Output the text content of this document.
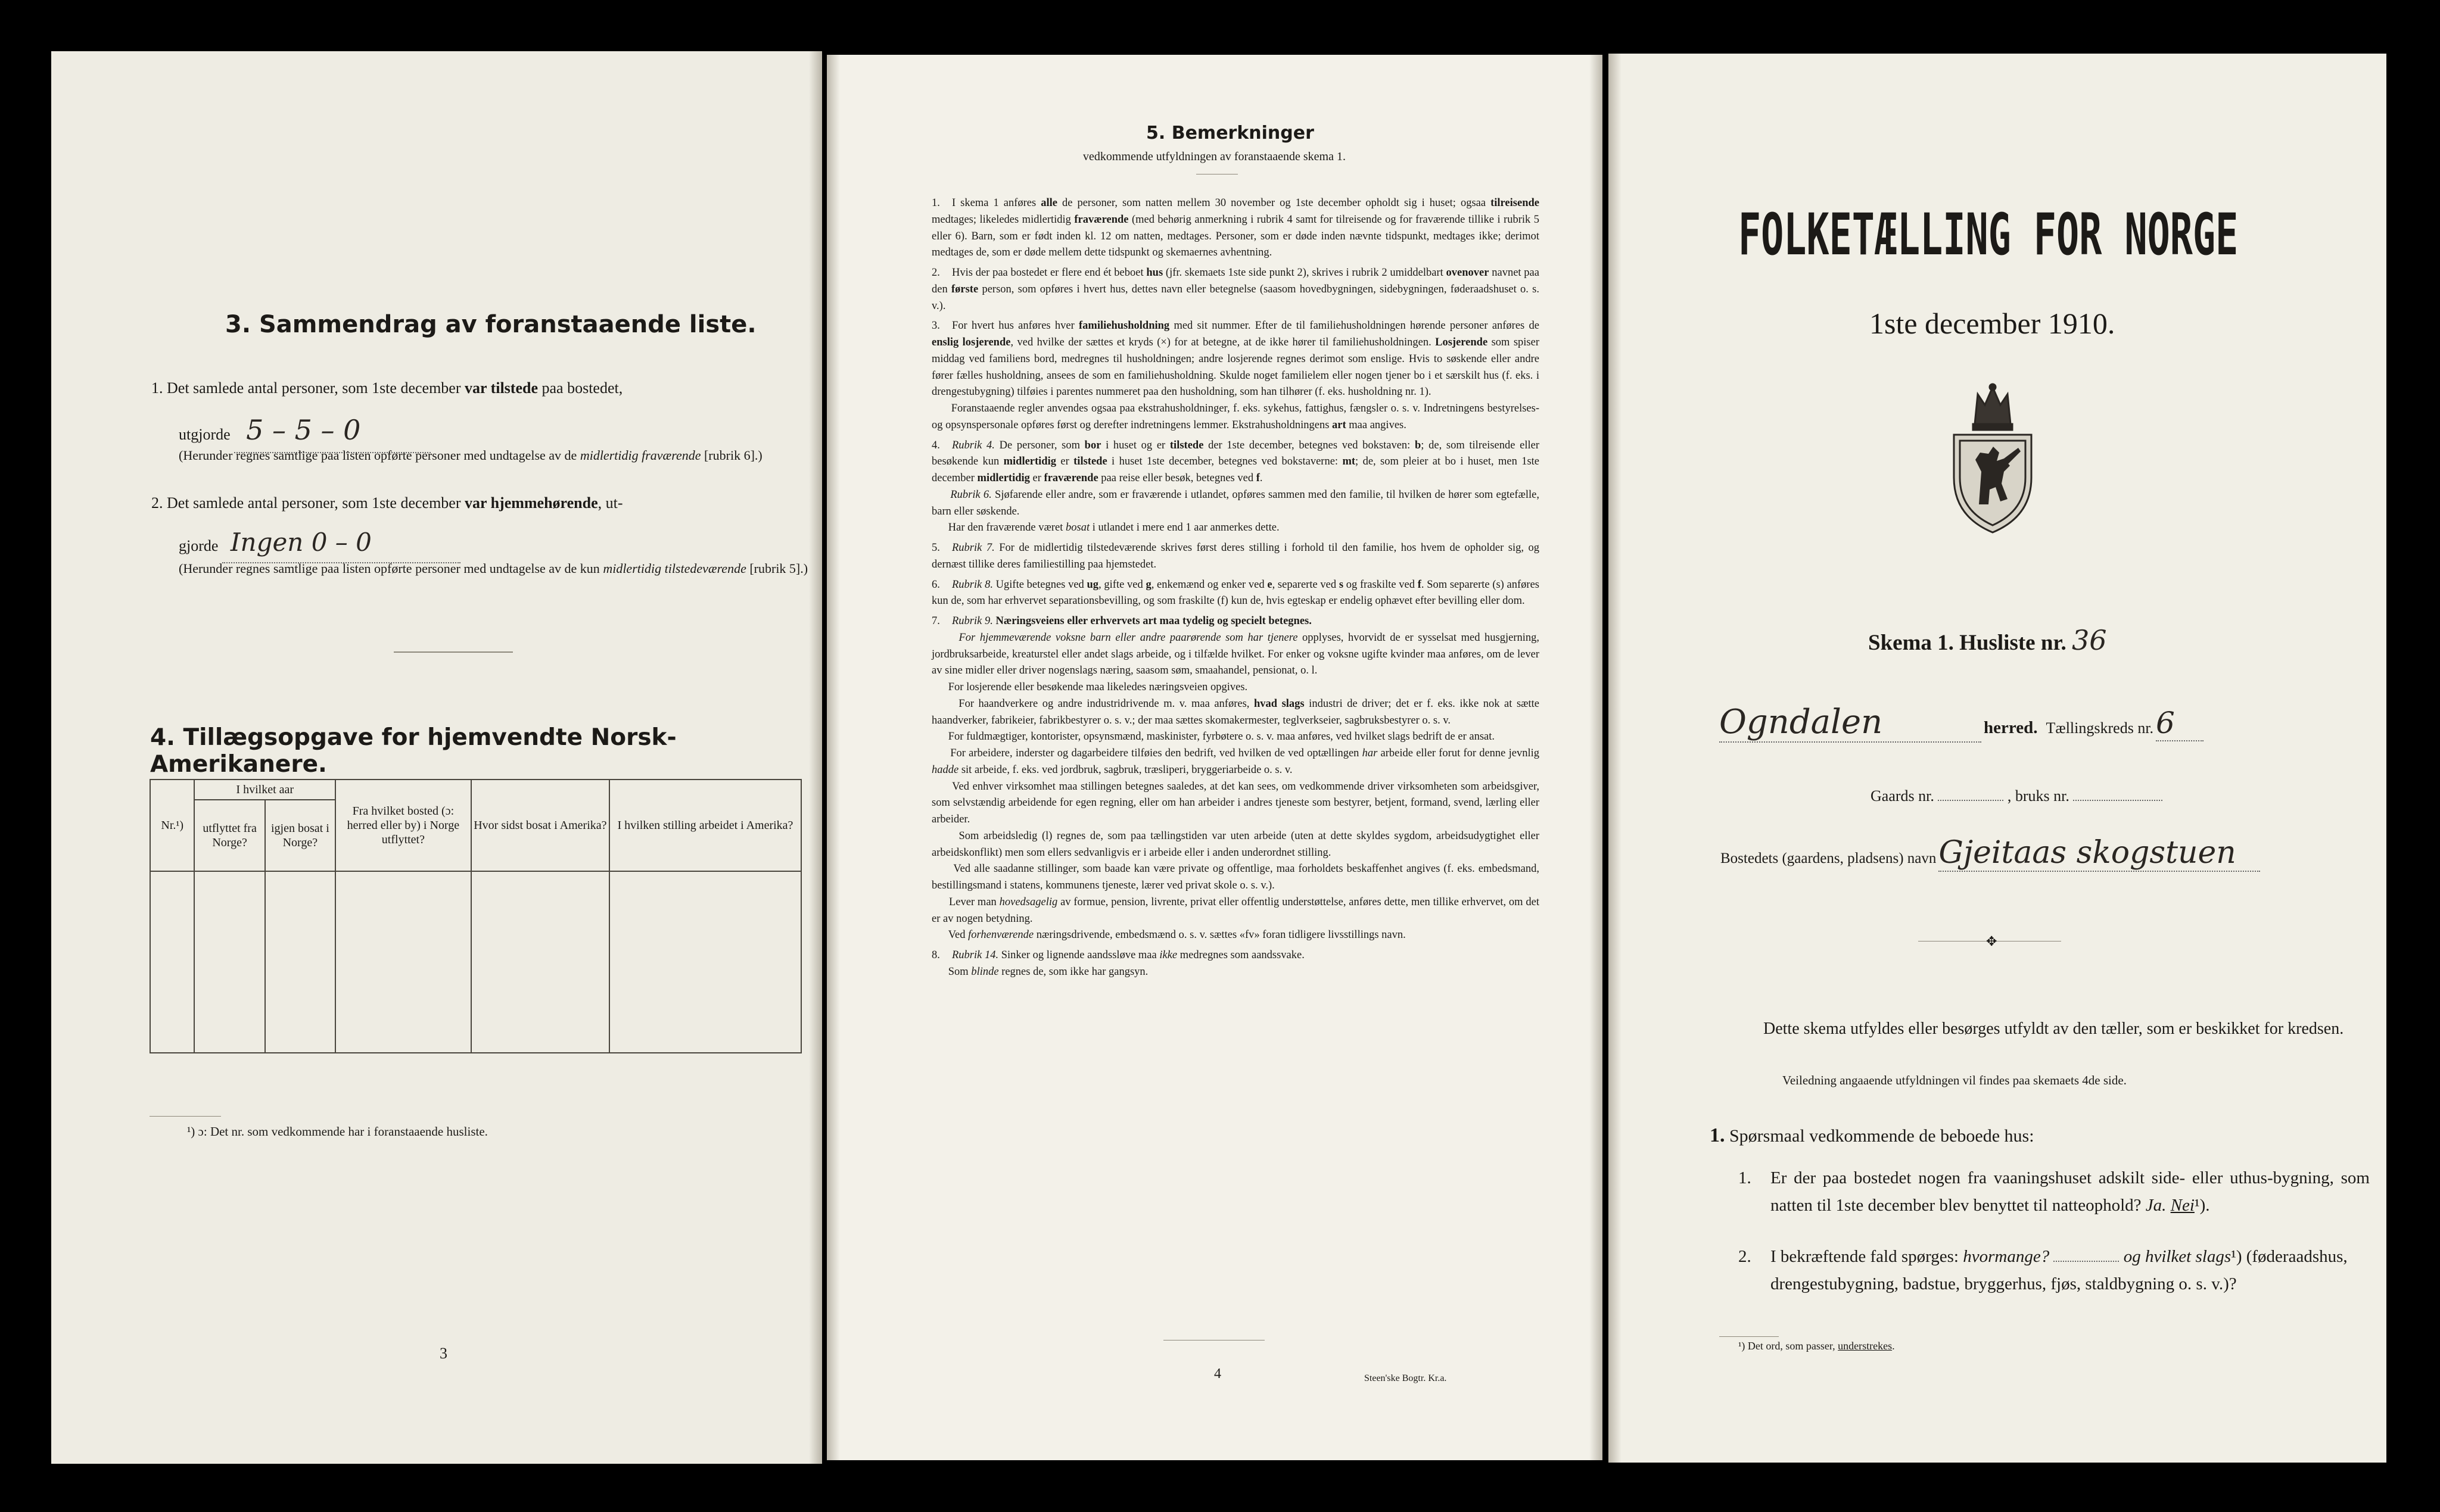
3. Sammendrag av foranstaaende liste.
1. Det samlede antal personer, som 1ste december var tilstede paa bostedet,
utgjorde 5 – 5 – 0
(Herunder regnes samtlige paa listen opførte personer med undtagelse av de midlertidig fraværende [rubrik 6].)
2. Det samlede antal personer, som 1ste december var hjemmehørende, ut-
gjorde Ingen 0 – 0
(Herunder regnes samtlige paa listen opførte personer med undtagelse av de kun midlertidig tilstedeværende [rubrik 5].)
4. Tillægsopgave for hjemvendte Norsk-Amerikanere.
Nr.¹)	I hvilket aar		Fra hvilket bosted (ɔ: herred eller by) i Norge utflyttet?	Hvor sidst bosat i Amerika?	I hvilken stilling arbeidet i Amerika?
	utflyttet fra Norge?	igjen bosat i Norge?			

¹) ɔ: Det nr. som vedkommende har i foranstaaende husliste.
3
5. Bemerkninger
vedkommende utfyldningen av foranstaaende skema 1.

1. I skema 1 anføres alle de personer, som natten mellem 30 november og 1ste december opholdt sig i huset; ogsaa tilreisende medtages; likeledes midlertidig fraværende (med behørig anmerkning i rubrik 4 samt for tilreisende og for fraværende tillike i rubrik 5 eller 6). Barn, som er født inden kl. 12 om natten, medtages. Personer, som er døde inden nævnte tidspunkt, medtages ikke; derimot medtages de, som er døde mellem dette tidspunkt og skemaernes avhentning.

2. Hvis der paa bostedet er flere end ét beboet hus (jfr. skemaets 1ste side punkt 2), skrives i rubrik 2 umiddelbart ovenover navnet paa den første person, som opføres i hvert hus, dettes navn eller betegnelse (saasom hovedbygningen, sidebygningen, føderaadshuset o. s. v.).

3. For hvert hus anføres hver familiehusholdning med sit nummer. Efter de til familiehusholdningen hørende personer anføres de enslig losjerende, ved hvilke der sættes et kryds (×) for at betegne, at de ikke hører til familiehusholdningen. Losjerende som spiser middag ved familiens bord, medregnes til husholdningen; andre losjerende regnes derimot som enslige. Hvis to søskende eller andre fører fælles husholdning, ansees de som en familiehusholdning. Skulde noget familielem eller nogen tjener bo i et særskilt hus (f. eks. i drengestubygning) tilføies i parentes nummeret paa den husholdning, som han tilhører (f. eks. husholdning nr. 1).
Foranstaaende regler anvendes ogsaa paa ekstrahusholdninger, f. eks. sykehus, fattighus, fængsler o. s. v. Indretningens bestyrelses- og opsynspersonale opføres først og derefter indretningens lemmer. Ekstrahusholdningens art maa angives.

4. Rubrik 4. De personer, som bor i huset og er tilstede der 1ste december, betegnes ved bokstaven: b; de, som tilreisende eller besøkende kun midlertidig er tilstede i huset 1ste december, betegnes ved bokstaverne: mt; de, som pleier at bo i huset, men 1ste december midlertidig er fraværende paa reise eller besøk, betegnes ved f.
Rubrik 6. Sjøfarende eller andre, som er fraværende i utlandet, opføres sammen med den familie, til hvilken de hører som egtefælle, barn eller søskende.
Har den fraværende været bosat i utlandet i mere end 1 aar anmerkes dette.

5. Rubrik 7. For de midlertidig tilstedeværende skrives først deres stilling i forhold til den familie, hos hvem de opholder sig, og dernæst tillike deres familiestilling paa hjemstedet.

6. Rubrik 8. Ugifte betegnes ved ug, gifte ved g, enkemænd og enker ved e, separerte ved s og fraskilte ved f. Som separerte (s) anføres kun de, som har erhvervet separationsbevilling, og som fraskilte (f) kun de, hvis egteskap er endelig ophævet efter bevilling eller dom.

7. Rubrik 9. Næringsveiens eller erhvervets art maa tydelig og specielt betegnes.
For hjemmeværende voksne barn eller andre paarørende som har tjenere opplyses, hvorvidt de er sysselsat med husgjerning, jordbruksarbeide, kreaturstel eller andet slags arbeide, og i tilfælde hvilket. For enker og voksne ugifte kvinder maa anføres, om de lever av sine midler eller driver nogenslags næring, saasom søm, smaahandel, pensionat, o. l.
For losjerende eller besøkende maa likeledes næringsveien opgives.
For haandverkere og andre industridrivende m. v. maa anføres, hvad slags industri de driver; det er f. eks. ikke nok at sætte haandverker, fabrikeier, fabrikbestyrer o. s. v.; der maa sættes skomakermester, teglverkseier, sagbruksbestyrer o. s. v.
For fuldmægtiger, kontorister, opsynsmænd, maskinister, fyrbøtere o. s. v. maa anføres, ved hvilket slags bedrift de er ansat.
For arbeidere, inderster og dagarbeidere tilføies den bedrift, ved hvilken de ved optællingen har arbeide eller forut for denne jevnlig hadde sit arbeide, f. eks. ved jordbruk, sagbruk, træsliperi, bryggeriarbeide o. s. v.
Ved enhver virksomhet maa stillingen betegnes saaledes, at det kan sees, om vedkommende driver virksomheten som arbeidsgiver, som selvstændig arbeidende for egen regning, eller om han arbeider i andres tjeneste som bestyrer, betjent, formand, svend, lærling eller arbeider.
Som arbeidsledig (l) regnes de, som paa tællingstiden var uten arbeide (uten at dette skyldes sygdom, arbeidsudygtighet eller arbeidskonflikt) men som ellers sedvanligvis er i arbeide eller i anden underordnet stilling.
Ved alle saadanne stillinger, som baade kan være private og offentlige, maa forholdets beskaffenhet angives (f. eks. embedsmand, bestillingsmand i statens, kommunens tjeneste, lærer ved privat skole o. s. v.).
Lever man hovedsagelig av formue, pension, livrente, privat eller offentlig understøttelse, anføres dette, men tillike erhvervet, om det er av nogen betydning.
Ved forhenværende næringsdrivende, embedsmænd o. s. v. sættes «fv» foran tidligere livsstillings navn.

8. Rubrik 14. Sinker og lignende aandssløve maa ikke medregnes som aandssvake.
Som blinde regnes de, som ikke har gangsyn.

4	Steen'ske Bogtr. Kr.a.
FOLKETÆLLING FOR NORGE
1ste december 1910.
Skema 1. Husliste nr. 36
Ogndalen	herred. Tællingskreds nr. 6
Gaards nr.	, bruks nr.
Bostedets (gaardens, pladsens) navn Gjeitaas skogstuen
✥
Dette skema utfyldes eller besørges utfyldt av den tæller, som er beskikket for kredsen.
Veiledning angaaende utfyldningen vil findes paa skemaets 4de side.
1. Spørsmaal vedkommende de beboede hus:
1.	Er der paa bostedet nogen fra vaaningshuset adskilt side- eller uthus-bygning, som natten til 1ste december blev benyttet til natteophold? Ja. Nei¹).
2.	I bekræftende fald spørges: hvormange?	og hvilket slags¹) (føderaadshus, drengestubygning, badstue, bryggerhus, fjøs, staldbygning o. s. v.)?
¹) Det ord, som passer, understrekes.
